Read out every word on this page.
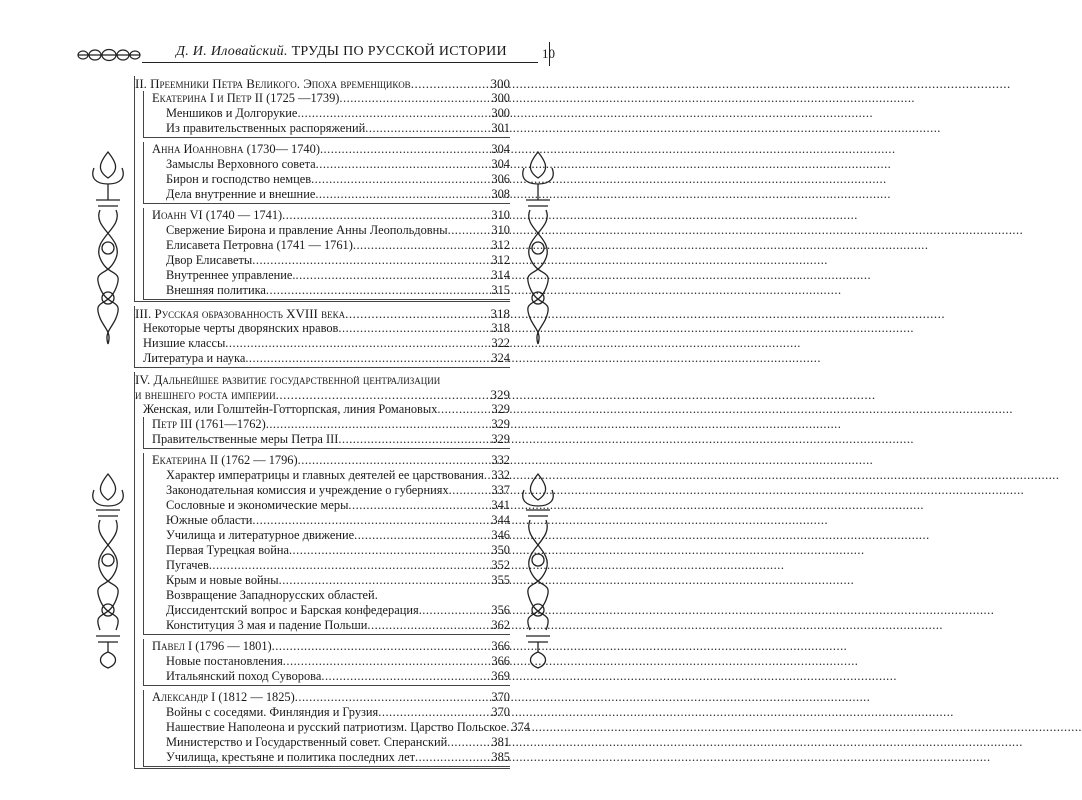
Д. И. Иловайский. ТРУДЫ ПО РУССКОЙ ИСТОРИИ	10
II. Преемники Петра Великого. Эпоха временщиков .....	300
Екатерина I и Петр II (1725 —1739) .....	300
Меншиков и Долгорукие .....	300
Из правительственных распоряжений .....	301
Анна Иоанновна (1730— 1740) .....	304
Замыслы Верховного совета .....	304
Бирон и господство немцев .....	306
Дела внутренние и внешние .....	308
Иоанн VI (1740 — 1741) .....	310
Свержение Бирона и правление Анны Леопольдовны .....	310
Елисавета Петровна (1741 — 1761) .....	312
Двор Елисаветы .....	312
Внутреннее управление. .....	314
Внешняя политика .....	315
III. Русская образованность XVIII века .....	318
Некоторые черты дворянских нравов .....	318
Низшие классы .....	322
Литература и наука .....	324
IV. Дальнейшее развитие государственной централизации
и внешнего роста империи .....	329
Женская, или Голштейн-Готторпская, линия Романовых .....	329
Петр III (1761—1762) .....	329
Правительственные меры Петра III .....	329
Екатерина II (1762 — 1796) .....	332
Характер императрицы и главных деятелей ее царствования ..... 332
Законодательная комиссия и учреждение о губерниях .....	337
Сословные и экономические меры .....	341
Южные области .....	344
Училища и литературное движение .....	346
Первая Турецкая война .....	350
Пугачев .....	352
Крым и новые войны .....	355
Возвращение Западнорусских областей.
Диссидентский вопрос и Барская конфедерация .....	356
Конституция 3 мая и падение Польши .....	362
Павел I (1796 — 1801) .....	366
Новые постановления .....	366
Итальянский поход Суворова .....	369
Александр I (1812 — 1825) .....	370
Войны с соседями. Финляндия и Грузия .....	370
Нашествие Наполеона и русский патриотизм. Царство Польское ..... 374
Министерство и Государственный совет. Сперанский .....	381
Училища, крестьяне и политика последних лет .....	385
